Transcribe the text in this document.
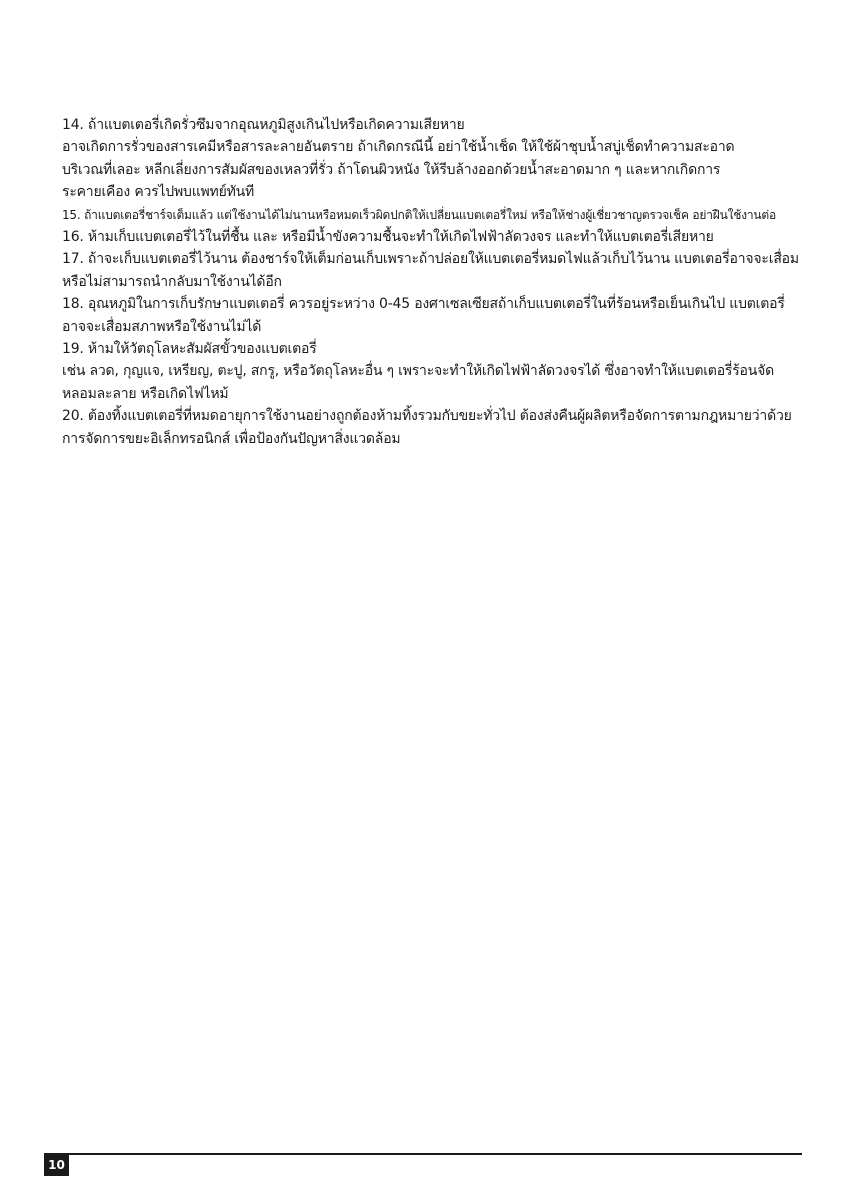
14. ถ้าแบตเตอรี่เกิดรั่วซึมจากอุณหภูมิสูงเกินไปหรือเกิดความเสียหาย
อาจเกิดการรั่วของสารเคมีหรือสารละลายอันตราย ถ้าเกิดกรณีนี้ อย่าใช้น้ำเช็ด ให้ใช้ผ้าชุบน้ำสบู่เช็ดทำความสะอาด
บริเวณที่เลอะ หลีกเลี่ยงการสัมผัสของเหลวที่รั่ว ถ้าโดนผิวหนัง ให้รีบล้างออกด้วยน้ำสะอาดมาก ๆ และหากเกิดการ
ระคายเคือง ควรไปพบแพทย์ทันที
15. ถ้าแบตเตอรี่ชาร์จเต็มแล้ว แต่ใช้งานได้ไม่นานหรือหมดเร็วผิดปกติให้เปลี่ยนแบตเตอรี่ใหม่ หรือให้ช่างผู้เชี่ยวชาญตรวจเช็ค อย่าฝืนใช้งานต่อ
16. ห้ามเก็บแบตเตอรี่ไว้ในที่ชื้น และ หรือมีน้ำขังความชื้นจะทำให้เกิดไฟฟ้าลัดวงจร และทำให้แบตเตอรี่เสียหาย
17. ถ้าจะเก็บแบตเตอรี่ไว้นาน ต้องชาร์จให้เต็มก่อนเก็บเพราะถ้าปล่อยให้แบตเตอรี่หมดไฟแล้วเก็บไว้นาน แบตเตอรี่อาจจะเสื่อม
หรือไม่สามารถนำกลับมาใช้งานได้อีก
18. อุณหภูมิในการเก็บรักษาแบตเตอรี่ ควรอยู่ระหว่าง 0-45 องศาเซลเซียสถ้าเก็บแบตเตอรี่ในที่ร้อนหรือเย็นเกินไป แบตเตอรี่
อาจจะเสื่อมสภาพหรือใช้งานไม่ได้
19. ห้ามให้วัตถุโลหะสัมผัสขั้วของแบตเตอรี่
เช่น ลวด, กุญแจ, เหรียญ, ตะปู, สกรู, หรือวัตถุโลหะอื่น ๆ เพราะจะทำให้เกิดไฟฟ้าลัดวงจรได้ ซึ่งอาจทำให้แบตเตอรี่ร้อนจัด
หลอมละลาย หรือเกิดไฟไหม้
20. ต้องทิ้งแบตเตอรี่ที่หมดอายุการใช้งานอย่างถูกต้องห้ามทิ้งรวมกับขยะทั่วไป ต้องส่งคืนผู้ผลิตหรือจัดการตามกฎหมายว่าด้วย
การจัดการขยะอิเล็กทรอนิกส์ เพื่อป้องกันปัญหาสิ่งแวดล้อม
10
